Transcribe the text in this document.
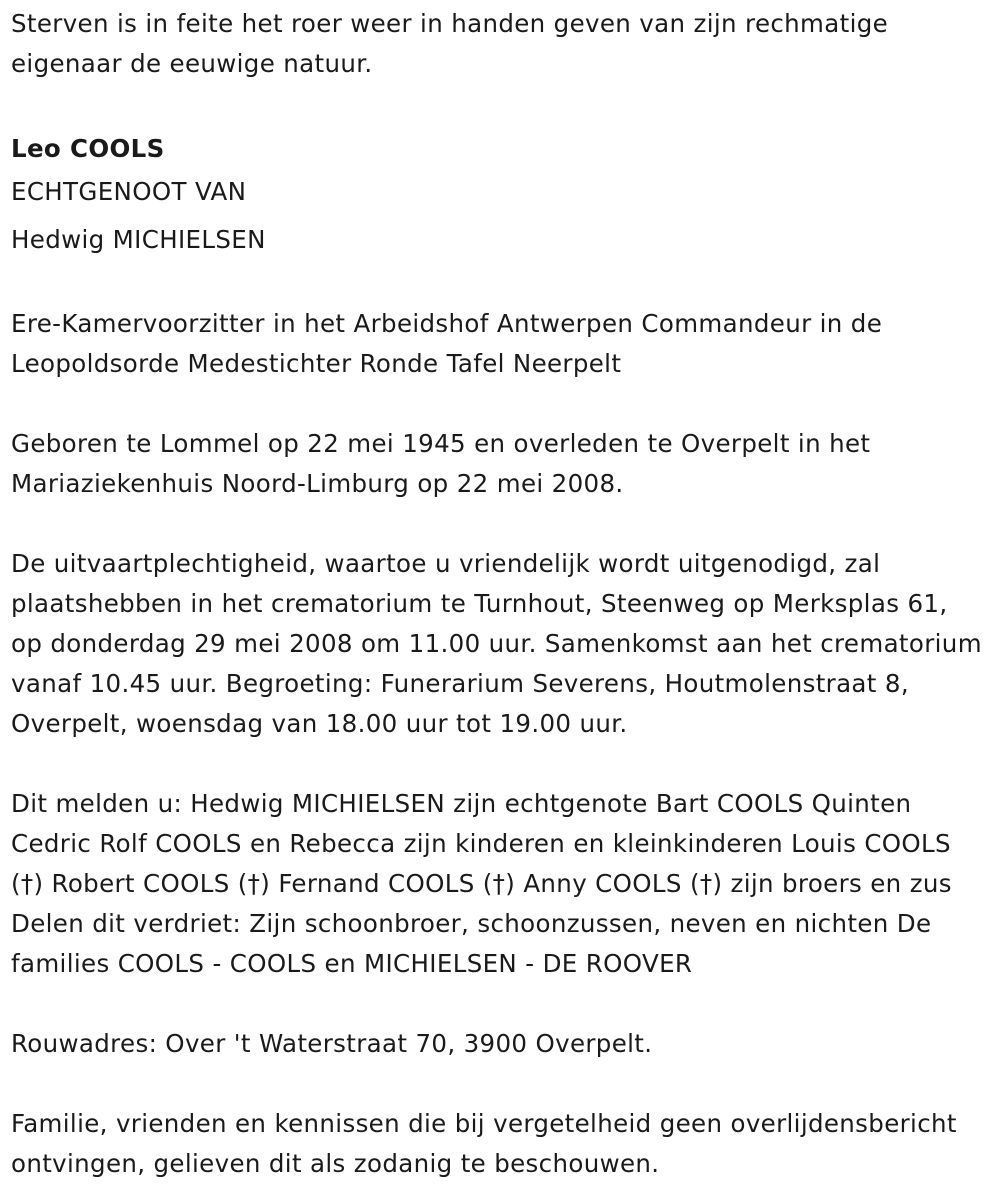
Sterven is in feite het roer weer in handen geven van zijn rechmatige eigenaar de eeuwige natuur.

Leo COOLS

ECHTGENOOT VAN

Hedwig MICHIELSEN

Ere-Kamervoorzitter in het Arbeidshof Antwerpen Commandeur in de Leopoldsorde Medestichter Ronde Tafel Neerpelt

Geboren te Lommel op 22 mei 1945 en overleden te Overpelt in het Mariaziekenhuis Noord-Limburg op 22 mei 2008.

De uitvaartplechtigheid, waartoe u vriendelijk wordt uitgenodigd, zal plaatshebben in het crematorium te Turnhout, Steenweg op Merksplas 61, op donderdag 29 mei 2008 om 11.00 uur. Samenkomst aan het crematorium vanaf 10.45 uur. Begroeting: Funerarium Severens, Houtmolenstraat 8, Overpelt, woensdag van 18.00 uur tot 19.00 uur.

Dit melden u: Hedwig MICHIELSEN zijn echtgenote Bart COOLS Quinten Cedric Rolf COOLS en Rebecca zijn kinderen en kleinkinderen Louis COOLS (†) Robert COOLS (†) Fernand COOLS (†) Anny COOLS (†) zijn broers en zus Delen dit verdriet: Zijn schoonbroer, schoonzussen, neven en nichten De families COOLS - COOLS en MICHIELSEN - DE ROOVER

Rouwadres: Over 't Waterstraat 70, 3900 Overpelt.

Familie, vrienden en kennissen die bij vergetelheid geen overlijdensbericht ontvingen, gelieven dit als zodanig te beschouwen.
